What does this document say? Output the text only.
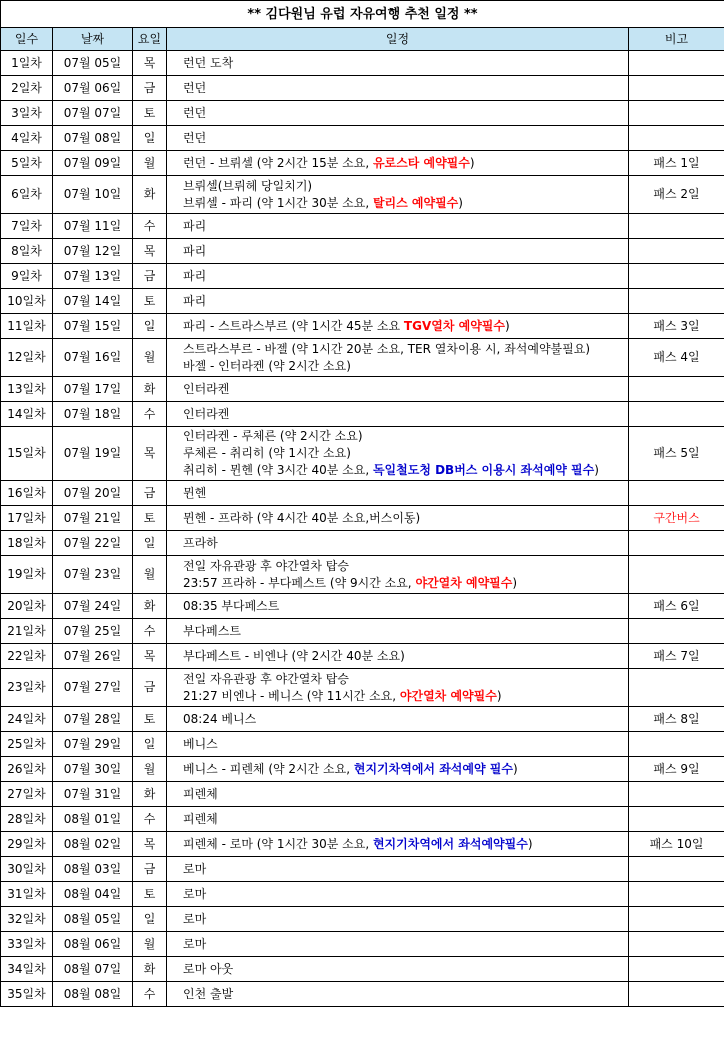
** 김다원님 유럽 자유여행 추천 일정 **				
일수	날짜	요일	일정	비고
1일차	07월 05일	목	런던 도착	

2일차	07월 06일	금	런던	

3일차	07월 07일	토	런던	

4일차	07월 08일	일	런던	

5일차	07월 09일	월	런던 - 브뤼셀 (약 2시간 15분 소요, 유로스타 예약필수)	패스 1일
6일차	07월 10일	화	브뤼셀(브뤼헤 당일치기)
브뤼셀 - 파리 (약 1시간 30분 소요, 탈리스 예약필수)	패스 2일
7일차	07월 11일	수	파리	

8일차	07월 12일	목	파리	

9일차	07월 13일	금	파리	

10일차	07월 14일	토	파리	

11일차	07월 15일	일	파리 - 스트라스부르 (약 1시간 45분 소요 TGV열차 예약필수)	패스 3일
12일차	07월 16일	월	스트라스부르 - 바젤 (약 1시간 20분 소요, TER 열차이용 시, 좌석예약불필요)
바젤 - 인터라켄 (약 2시간 소요)	패스 4일
13일차	07월 17일	화	인터라켄	

14일차	07월 18일	수	인터라켄	

15일차	07월 19일	목	인터라켄 - 루체른 (약 2시간 소요)
루체른 - 취리히 (약 1시간 소요)
취리히 - 뮌헨 (약 3시간 40분 소요, 독일철도청 DB버스 이용시 좌석예약 필수)	패스 5일
16일차	07월 20일	금	뮌헨	

17일차	07월 21일	토	뮌헨 - 프라하 (약 4시간 40분 소요,버스이동)	구간버스
18일차	07월 22일	일	프라하	

19일차	07월 23일	월	전일 자유관광 후 야간열차 탑승
23:57 프라하 - 부다페스트 (약 9시간 소요, 야간열차 예약필수)	

20일차	07월 24일	화	08:35 부다페스트	패스 6일
21일차	07월 25일	수	부다페스트	

22일차	07월 26일	목	부다페스트 - 비엔나 (약 2시간 40분 소요)	패스 7일
23일차	07월 27일	금	전일 자유관광 후 야간열차 탑승
21:27 비엔나 - 베니스 (약 11시간 소요, 야간열차 예약필수)	

24일차	07월 28일	토	08:24 베니스	패스 8일
25일차	07월 29일	일	베니스	

26일차	07월 30일	월	베니스 - 피렌체 (약 2시간 소요, 현지기차역에서 좌석예약 필수)	패스 9일
27일차	07월 31일	화	피렌체	

28일차	08월 01일	수	피렌체	

29일차	08월 02일	목	피렌체 - 로마 (약 1시간 30분 소요, 현지기차역에서 좌석예약필수)	패스 10일
30일차	08월 03일	금	로마	

31일차	08월 04일	토	로마	

32일차	08월 05일	일	로마	

33일차	08월 06일	월	로마	

34일차	08월 07일	화	로마 아웃	

35일차	08월 08일	수	인천 출발	
